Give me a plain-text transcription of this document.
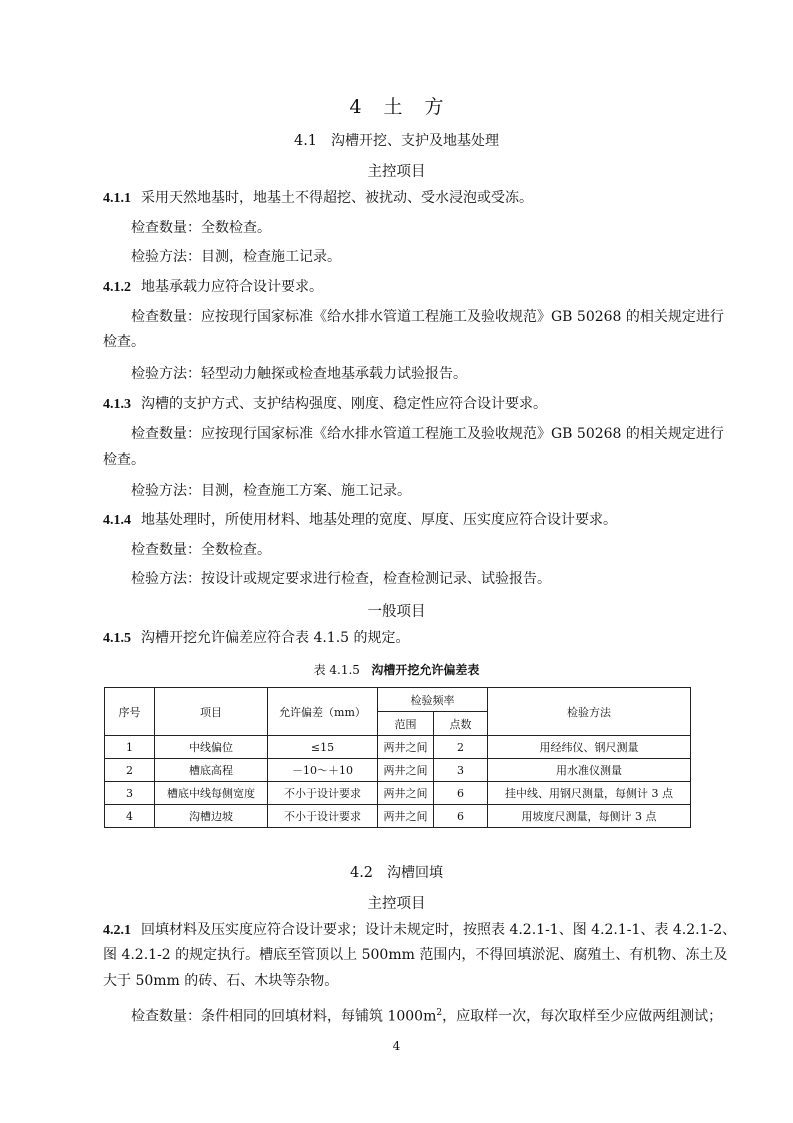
4 土 方
4.1 沟槽开挖、支护及地基处理
主控项目
4.1.1 采用天然地基时，地基土不得超挖、被扰动、受水浸泡或受冻。
检查数量：全数检查。
检验方法：目测，检查施工记录。
4.1.2 地基承载力应符合设计要求。
检查数量：应按现行国家标准《给水排水管道工程施工及验收规范》GB 50268 的相关规定进行
检查。
检验方法：轻型动力触探或检查地基承载力试验报告。
4.1.3 沟槽的支护方式、支护结构强度、刚度、稳定性应符合设计要求。
检查数量：应按现行国家标准《给水排水管道工程施工及验收规范》GB 50268 的相关规定进行
检查。
检验方法：目测，检查施工方案、施工记录。
4.1.4 地基处理时，所使用材料、地基处理的宽度、厚度、压实度应符合设计要求。
检查数量：全数检查。
检验方法：按设计或规定要求进行检查，检查检测记录、试验报告。
一般项目
4.1.5 沟槽开挖允许偏差应符合表 4.1.5 的规定。
表 4.1.5 沟槽开挖允许偏差表
序号	项目	允许偏差（mm）	检验频率		检验方法
			范围	点数	
1	中线偏位	≤15	两井之间	2	用经纬仪、钢尺测量
2	槽底高程	－10～＋10	两井之间	3	用水准仪测量
3	槽底中线每侧宽度	不小于设计要求	两井之间	6	挂中线、用钢尺测量，每侧计 3 点
4	沟槽边坡	不小于设计要求	两井之间	6	用坡度尺测量，每侧计 3 点
4.2 沟槽回填
主控项目
4.2.1 回填材料及压实度应符合设计要求；设计未规定时，按照表 4.2.1-1、图 4.2.1-1、表 4.2.1-2、
图 4.2.1-2 的规定执行。槽底至管顶以上 500mm 范围内，不得回填淤泥、腐殖土、有机物、冻土及
大于 50mm 的砖、石、木块等杂物。
检查数量：条件相同的回填材料，每铺筑 $1000m^2$，应取样一次，每次取样至少应做两组测试；
4
